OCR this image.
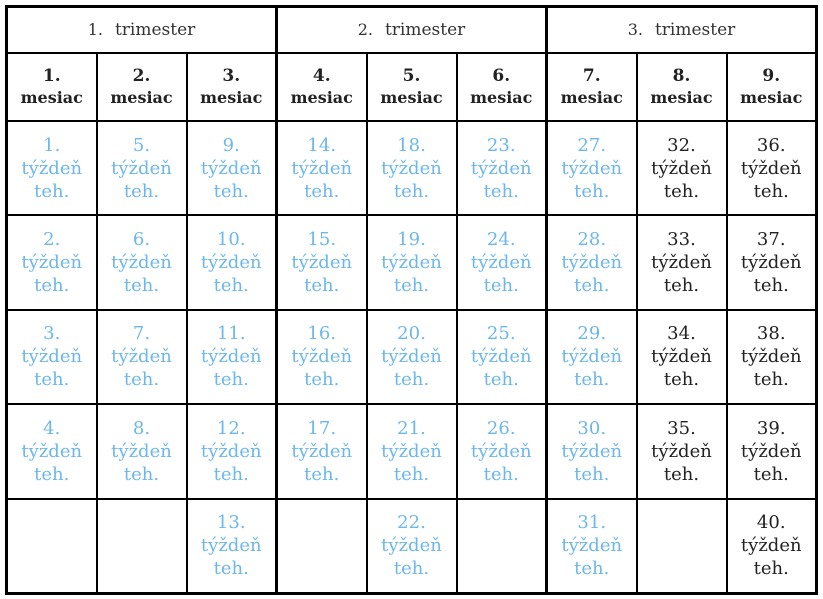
1. trimester			2. trimester			3. trimester		

1.
mesiac	2.
mesiac	3.
mesiac	4.
mesiac	5.
mesiac	6.
mesiac	7.
mesiac	8.
mesiac	9.
mesiac

1.
týždeň
teh.	5.
týždeň
teh.	9.
týždeň
teh.	14.
týždeň
teh.	18.
týždeň
teh.	23.
týždeň
teh.	27.
týždeň
teh.	32.
týždeň
teh.	36.
týždeň
teh.

2.
týždeň
teh.	6.
týždeň
teh.	10.
týždeň
teh.	15.
týždeň
teh.	19.
týždeň
teh.	24.
týždeň
teh.	28.
týždeň
teh.	33.
týždeň
teh.	37.
týždeň
teh.

3.
týždeň
teh.	7.
týždeň
teh.	11.
týždeň
teh.	16.
týždeň
teh.	20.
týždeň
teh.	25.
týždeň
teh.	29.
týždeň
teh.	34.
týždeň
teh.	38.
týždeň
teh.

4.
týždeň
teh.	8.
týždeň
teh.	12.
týždeň
teh.	17.
týždeň
teh.	21.
týždeň
teh.	26.
týždeň
teh.	30.
týždeň
teh.	35.
týždeň
teh.	39.
týždeň
teh.

		13.
týždeň
teh.		22.
týždeň
teh.		31.
týždeň
teh.		40.
týždeň
teh.
